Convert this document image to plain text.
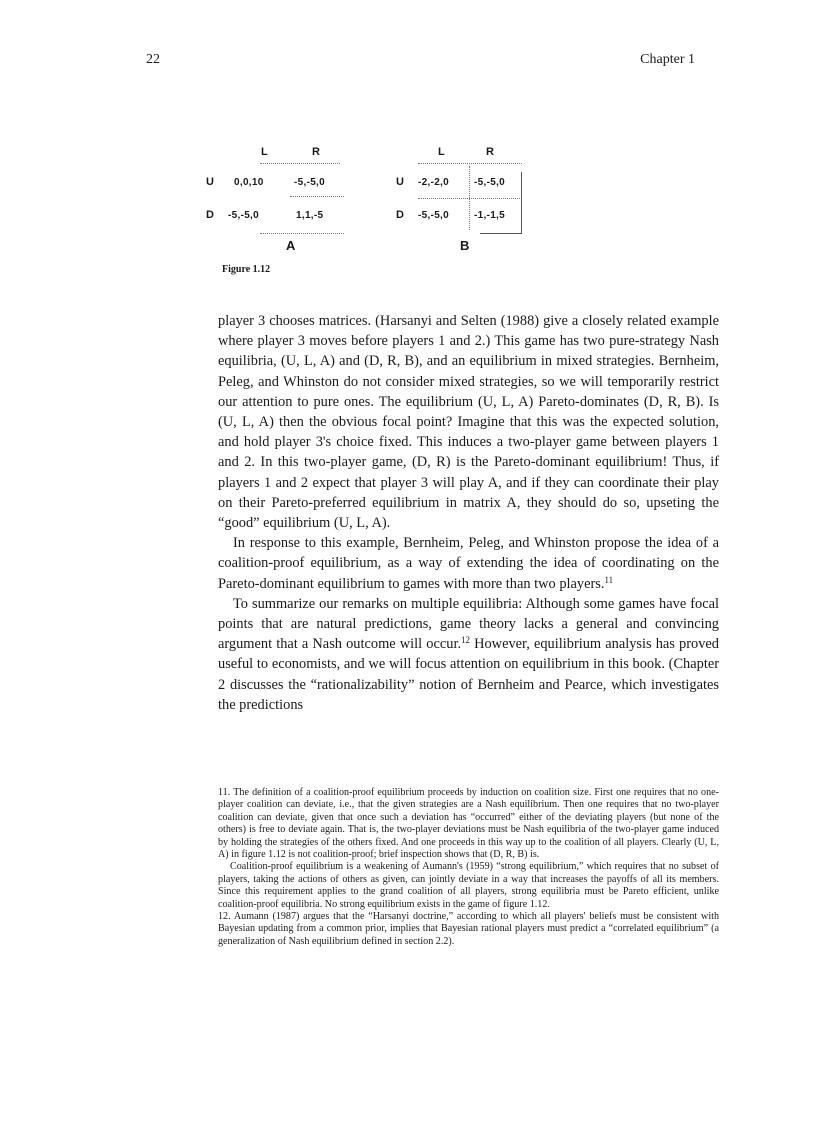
22	Chapter 1
L	R
U
D
0,0,10	-5,-5,0
-5,-5,0	1,1,-5
A
L	R
U
D
-2,-2,0 -5,-5,0
-5,-5,0 -1,-1,5
B
Figure 1.12

player 3 chooses matrices. (Harsanyi and Selten (1988) give a closely related example where player 3 moves before players 1 and 2.) This game has two pure-strategy Nash equilibria, (U, L, A) and (D, R, B), and an equilibrium in mixed strategies. Bernheim, Peleg, and Whinston do not consider mixed strategies, so we will temporarily restrict our attention to pure ones. The equilibrium (U, L, A) Pareto-dominates (D, R, B). Is (U, L, A) then the obvious focal point? Imagine that this was the expected solution, and hold player 3's choice fixed. This induces a two-player game between players 1 and 2. In this two-player game, (D, R) is the Pareto-dominant equilibrium! Thus, if players 1 and 2 expect that player 3 will play A, and if they can coordinate their play on their Pareto-preferred equilibrium in matrix A, they should do so, upseting the “good” equilibrium (U, L, A).

In response to this example, Bernheim, Peleg, and Whinston propose the idea of a coalition-proof equilibrium, as a way of extending the idea of coordinating on the Pareto-dominant equilibrium to games with more than two players.$^{11}$

To summarize our remarks on multiple equilibria: Although some games have focal points that are natural predictions, game theory lacks a general and convincing argument that a Nash outcome will occur.$^{12}$ However, equilibrium analysis has proved useful to economists, and we will focus attention on equilibrium in this book. (Chapter 2 discusses the “rationalizability” notion of Bernheim and Pearce, which investigates the predictions

11. The definition of a coalition-proof equilibrium proceeds by induction on coalition size. First one requires that no one-player coalition can deviate, i.e., that the given strategies are a Nash equilibrium. Then one requires that no two-player coalition can deviate, given that once such a deviation has “occurred” either of the deviating players (but none of the others) is free to deviate again. That is, the two-player deviations must be Nash equilibria of the two-player game induced by holding the strategies of the others fixed. And one proceeds in this way up to the coalition of all players. Clearly (U, L, A) in figure 1.12 is not coalition-proof; brief inspection shows that (D, R, B) is.

Coalition-proof equilibrium is a weakening of Aumann's (1959) “strong equilibrium,” which requires that no subset of players, taking the actions of others as given, can jointly deviate in a way that increases the payoffs of all its members. Since this requirement applies to the grand coalition of all players, strong equilibria must be Pareto efficient, unlike coalition-proof equilibria. No strong equilibrium exists in the game of figure 1.12.

12. Aumann (1987) argues that the “Harsanyi doctrine,” according to which all players' beliefs must be consistent with Bayesian updating from a common prior, implies that Bayesian rational players must predict a “correlated equilibrium” (a generalization of Nash equilibrium defined in section 2.2).
